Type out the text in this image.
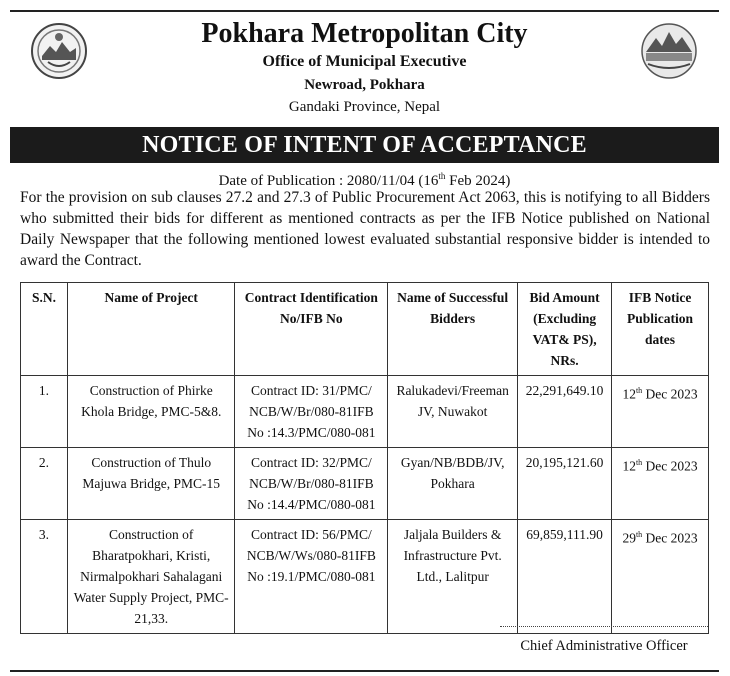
Pokhara Metropolitan City
Office of Municipal Executive
Newroad, Pokhara
Gandaki Province, Nepal
NOTICE OF INTENT OF ACCEPTANCE
Date of Publication : 2080/11/04 (16th Feb 2024)
For the provision on sub clauses 27.2 and 27.3 of Public Procurement Act 2063, this is notifying to all Bidders who submitted their bids for different as mentioned contracts as per the IFB Notice published on National Daily Newspaper that the following mentioned lowest evaluated substantial responsive bidder is intended to award the Contract.
S.N.	Name of Project	Contract Identification No/IFB No	Name of Successful Bidders	Bid Amount (Excluding VAT& PS), NRs.	IFB Notice Publication dates
1.	Construction of Phirke Khola Bridge, PMC-5&8.	Contract ID: 31/PMC/ NCB/W/Br/080-81IFB No :14.3/PMC/080-081	Ralukadevi/Freeman JV, Nuwakot	22,291,649.10	12th Dec 2023
2.	Construction of Thulo Majuwa Bridge, PMC-15	Contract ID: 32/PMC/ NCB/W/Br/080-81IFB No :14.4/PMC/080-081	Gyan/NB/BDB/JV, Pokhara	20,195,121.60	12th Dec 2023
3.	Construction of Bharatpokhari, Kristi, Nirmalpokhari Sahalagani Water Supply Project, PMC-21,33.	Contract ID: 56/PMC/ NCB/W/Ws/080-81IFB No :19.1/PMC/080-081	Jaljala Builders & Infrastructure Pvt. Ltd., Lalitpur	69,859,111.90	29th Dec 2023
Chief Administrative Officer
